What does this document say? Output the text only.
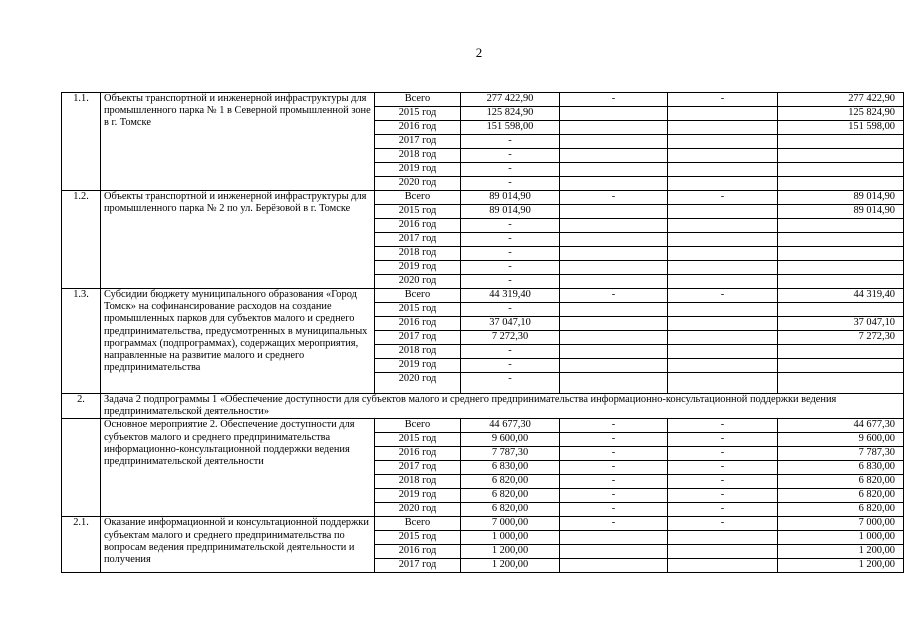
2
1.1.	Объекты транспортной и инженерной инфраструктуры для промышленного парка № 1 в Северной промышленной зоне в г. Томске	Всего	277 422,90	-	-	277 422,90
		2015 год	125 824,90			125 824,90
		2016 год	151 598,00			151 598,00
		2017 год	-			
		2018 год	-			
		2019 год	-			
		2020 год	-			
1.2.	Объекты транспортной и инженерной инфраструктуры для промышленного парка № 2 по ул. Берёзовой в г. Томске	Всего	89 014,90	-	-	89 014,90
		2015 год	89 014,90			89 014,90
		2016 год	-			
		2017 год	-			
		2018 год	-			
		2019 год	-			
		2020 год	-			
1.3.	Субсидии бюджету муниципального образования «Город Томск» на софинансирование расходов на создание промышленных парков для субъектов малого и среднего предпринимательства, предусмотренных в муниципальных программах (подпрограммах), содержащих мероприятия, направленные на развитие малого и среднего предпринимательства	Всего	44 319,40	-	-	44 319,40
		2015 год	-			
		2016 год	37 047,10			37 047,10
		2017 год	7 272,30			7 272,30
		2018 год	-			
		2019 год	-			
		2020 год	-			
2.	Задача 2 подпрограммы 1 «Обеспечение доступности для субъектов малого и среднего предпринимательства информационно-консультационной поддержки ведения предпринимательской деятельности»					
	Основное мероприятие 2. Обеспечение доступности для субъектов малого и среднего предпринимательства информационно-консультационной поддержки ведения предпринимательской деятельности	Всего	44 677,30	-	-	44 677,30
		2015 год	9 600,00	-	-	9 600,00
		2016 год	7 787,30	-	-	7 787,30
		2017 год	6 830,00	-	-	6 830,00
		2018 год	6 820,00	-	-	6 820,00
		2019 год	6 820,00	-	-	6 820,00
		2020 год	6 820,00	-	-	6 820,00
2.1.	Оказание информационной и консультационной поддержки субъектам малого и среднего предпринимательства по вопросам ведения предпринимательской деятельности и получения	Всего	7 000,00	-	-	7 000,00
		2015 год	1 000,00			1 000,00
		2016 год	1 200,00			1 200,00
		2017 год	1 200,00			1 200,00
